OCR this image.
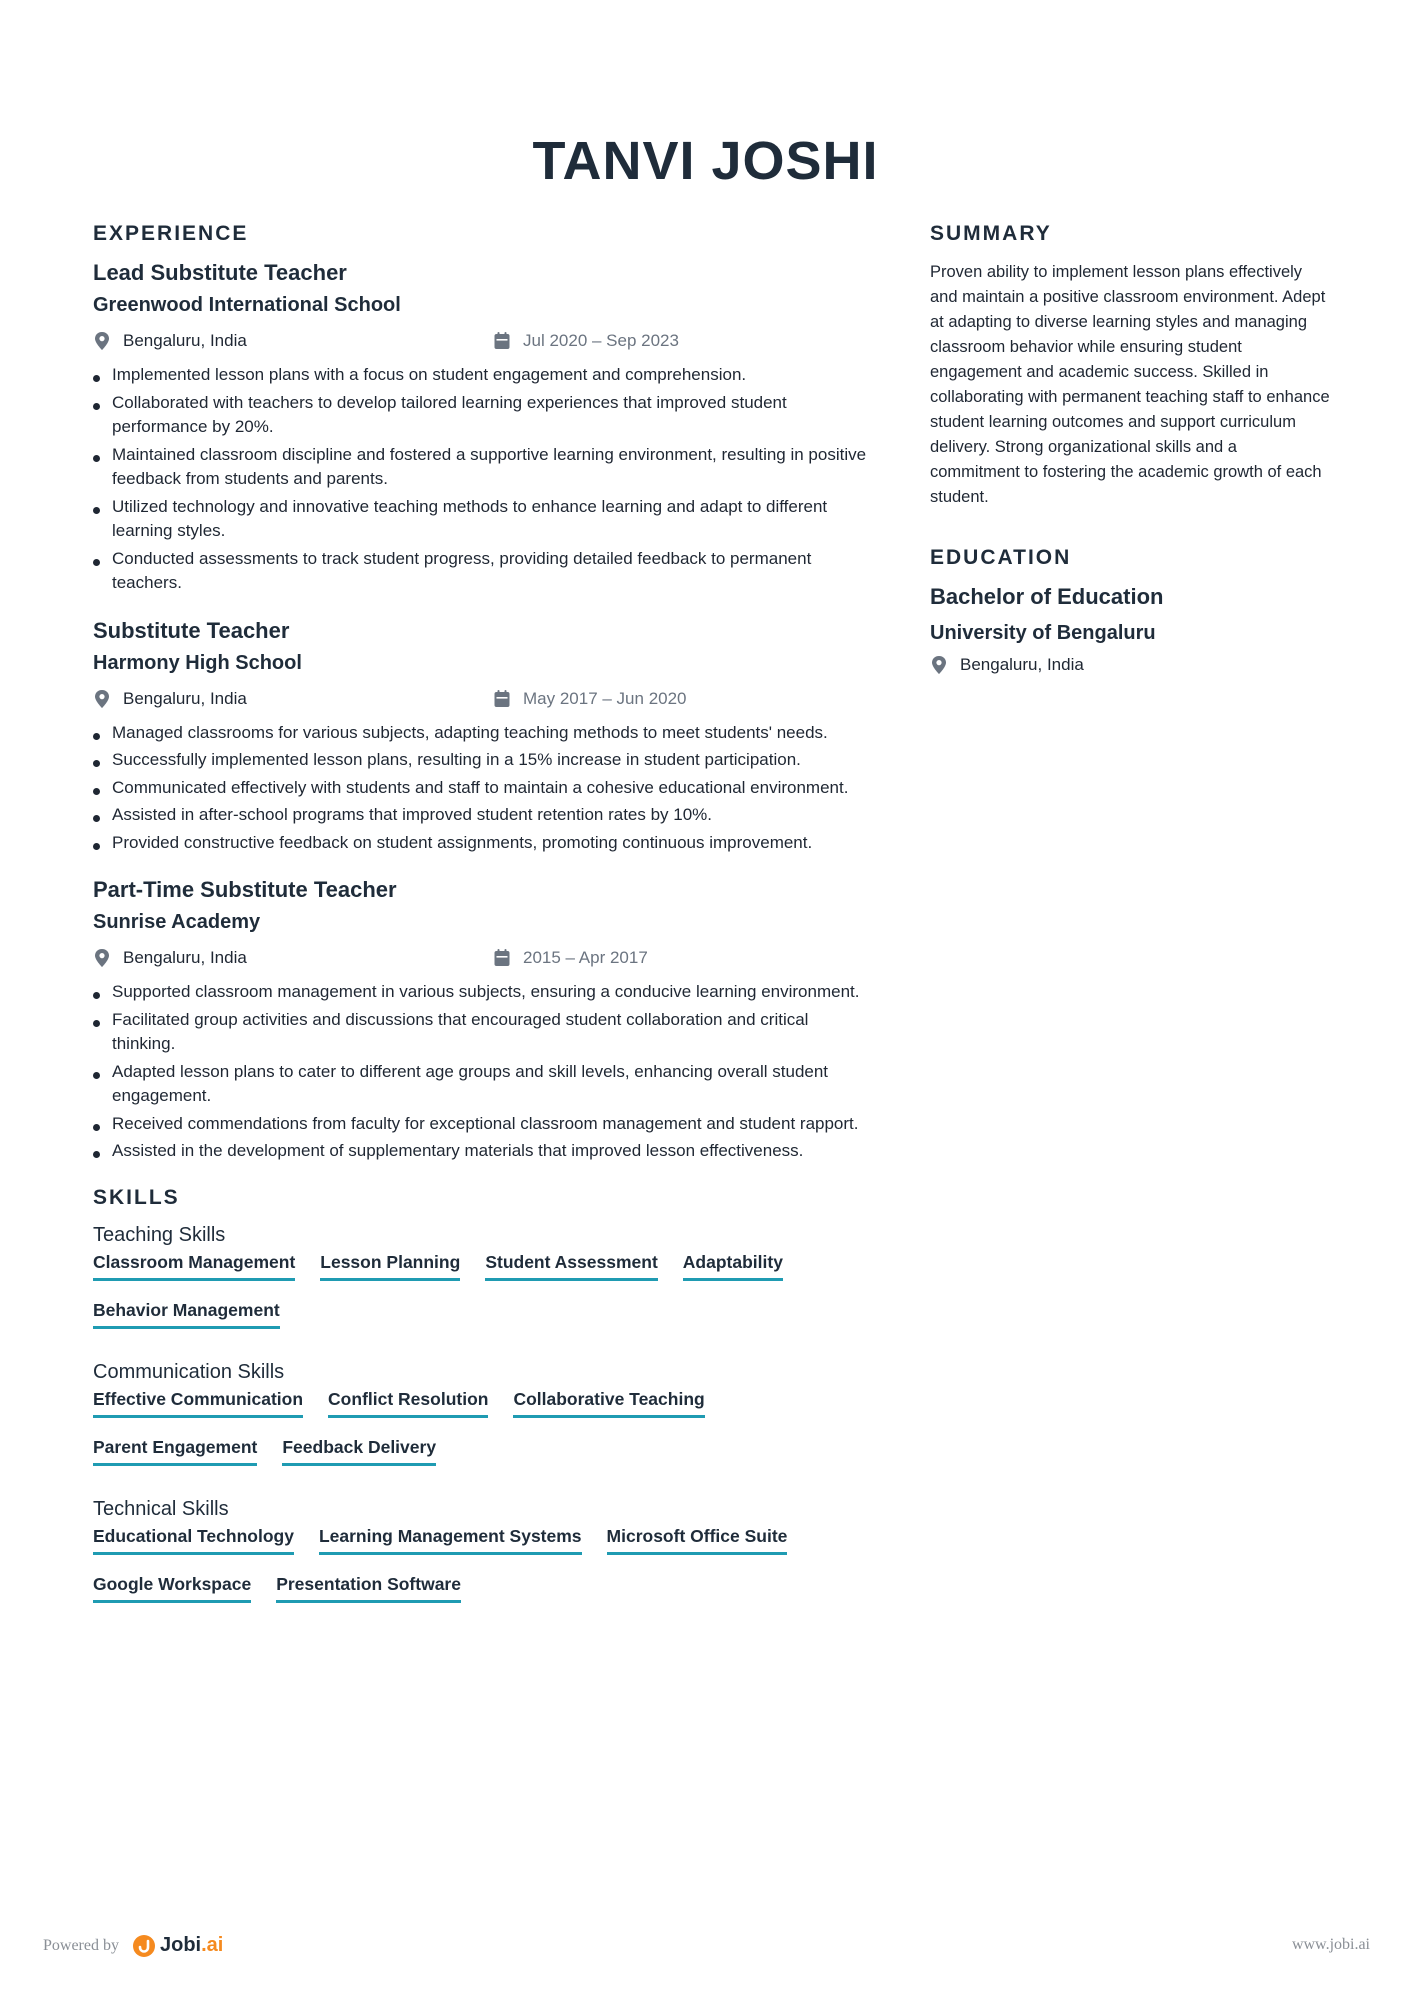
TANVI JOSHI
EXPERIENCE
Lead Substitute Teacher
Greenwood International School
Bengaluru, India	Jul 2020 – Sep 2023
Implemented lesson plans with a focus on student engagement and comprehension.
Collaborated with teachers to develop tailored learning experiences that improved student performance by 20%.
Maintained classroom discipline and fostered a supportive learning environment, resulting in positive feedback from students and parents.
Utilized technology and innovative teaching methods to enhance learning and adapt to different learning styles.
Conducted assessments to track student progress, providing detailed feedback to permanent teachers.
Substitute Teacher
Harmony High School
Bengaluru, India	May 2017 – Jun 2020
Managed classrooms for various subjects, adapting teaching methods to meet students' needs.
Successfully implemented lesson plans, resulting in a 15% increase in student participation.
Communicated effectively with students and staff to maintain a cohesive educational environment.
Assisted in after-school programs that improved student retention rates by 10%.
Provided constructive feedback on student assignments, promoting continuous improvement.
Part-Time Substitute Teacher
Sunrise Academy
Bengaluru, India	2015 – Apr 2017
Supported classroom management in various subjects, ensuring a conducive learning environment.
Facilitated group activities and discussions that encouraged student collaboration and critical thinking.
Adapted lesson plans to cater to different age groups and skill levels, enhancing overall student engagement.
Received commendations from faculty for exceptional classroom management and student rapport.
Assisted in the development of supplementary materials that improved lesson effectiveness.
SKILLS
Teaching Skills
Classroom Management Lesson Planning Student Assessment Adaptability
Behavior Management
Communication Skills
Effective Communication Conflict Resolution Collaborative Teaching
Parent Engagement Feedback Delivery
Technical Skills
Educational Technology Learning Management Systems Microsoft Office Suite
Google Workspace Presentation Software
SUMMARY

Proven ability to implement lesson plans effectively and maintain a positive classroom environment. Adept at adapting to diverse learning styles and managing classroom behavior while ensuring student engagement and academic success. Skilled in collaborating with permanent teaching staff to enhance student learning outcomes and support curriculum delivery. Strong organizational skills and a commitment to fostering the academic growth of each student.

EDUCATION
Bachelor of Education
University of Bengaluru
Bengaluru, India
Powered by Jobi.ai	www.jobi.ai
